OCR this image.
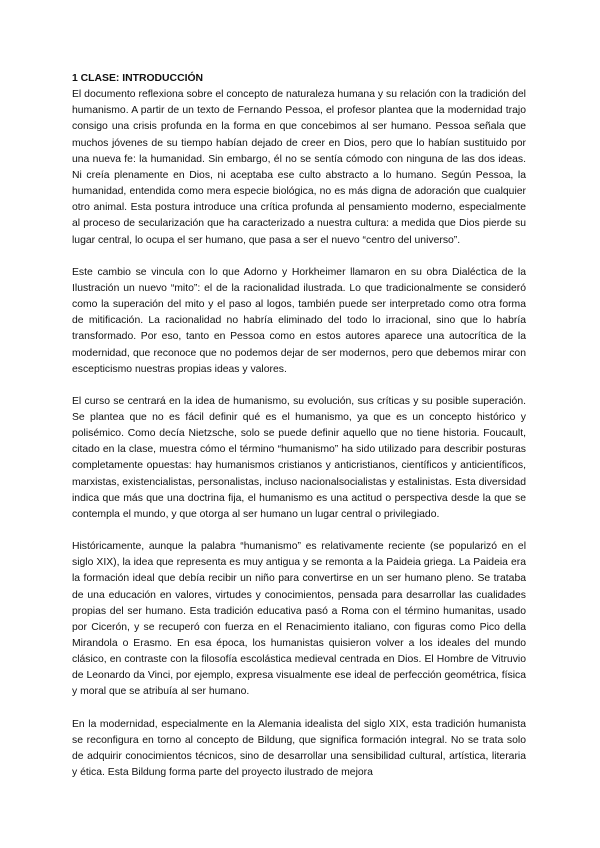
1 CLASE: INTRODUCCIÓN

El documento reflexiona sobre el concepto de naturaleza humana y su relación con la tradición del humanismo. A partir de un texto de Fernando Pessoa, el profesor plantea que la modernidad trajo consigo una crisis profunda en la forma en que concebimos al ser humano. Pessoa señala que muchos jóvenes de su tiempo habían dejado de creer en Dios, pero que lo habían sustituido por una nueva fe: la humanidad. Sin embargo, él no se sentía cómodo con ninguna de las dos ideas. Ni creía plenamente en Dios, ni aceptaba ese culto abstracto a lo humano. Según Pessoa, la humanidad, entendida como mera especie biológica, no es más digna de adoración que cualquier otro animal. Esta postura introduce una crítica profunda al pensamiento moderno, especialmente al proceso de secularización que ha caracterizado a nuestra cultura: a medida que Dios pierde su lugar central, lo ocupa el ser humano, que pasa a ser el nuevo “centro del universo”.

Este cambio se vincula con lo que Adorno y Horkheimer llamaron en su obra Dialéctica de la Ilustración un nuevo “mito”: el de la racionalidad ilustrada. Lo que tradicionalmente se consideró como la superación del mito y el paso al logos, también puede ser interpretado como otra forma de mitificación. La racionalidad no habría eliminado del todo lo irracional, sino que lo habría transformado. Por eso, tanto en Pessoa como en estos autores aparece una autocrítica de la modernidad, que reconoce que no podemos dejar de ser modernos, pero que debemos mirar con escepticismo nuestras propias ideas y valores.

El curso se centrará en la idea de humanismo, su evolución, sus críticas y su posible superación. Se plantea que no es fácil definir qué es el humanismo, ya que es un concepto histórico y polisémico. Como decía Nietzsche, solo se puede definir aquello que no tiene historia. Foucault, citado en la clase, muestra cómo el término “humanismo” ha sido utilizado para describir posturas completamente opuestas: hay humanismos cristianos y anticristianos, científicos y anticientíficos, marxistas, existencialistas, personalistas, incluso nacionalsocialistas y estalinistas. Esta diversidad indica que más que una doctrina fija, el humanismo es una actitud o perspectiva desde la que se contempla el mundo, y que otorga al ser humano un lugar central o privilegiado.

Históricamente, aunque la palabra “humanismo” es relativamente reciente (se popularizó en el siglo XIX), la idea que representa es muy antigua y se remonta a la Paideia griega. La Paideia era la formación ideal que debía recibir un niño para convertirse en un ser humano pleno. Se trataba de una educación en valores, virtudes y conocimientos, pensada para desarrollar las cualidades propias del ser humano. Esta tradición educativa pasó a Roma con el término humanitas, usado por Cicerón, y se recuperó con fuerza en el Renacimiento italiano, con figuras como Pico della Mirandola o Erasmo. En esa época, los humanistas quisieron volver a los ideales del mundo clásico, en contraste con la filosofía escolástica medieval centrada en Dios. El Hombre de Vitruvio de Leonardo da Vinci, por ejemplo, expresa visualmente ese ideal de perfección geométrica, física y moral que se atribuía al ser humano.

En la modernidad, especialmente en la Alemania idealista del siglo XIX, esta tradición humanista se reconfigura en torno al concepto de Bildung, que significa formación integral. No se trata solo de adquirir conocimientos técnicos, sino de desarrollar una sensibilidad cultural, artística, literaria y ética. Esta Bildung forma parte del proyecto ilustrado de mejora
